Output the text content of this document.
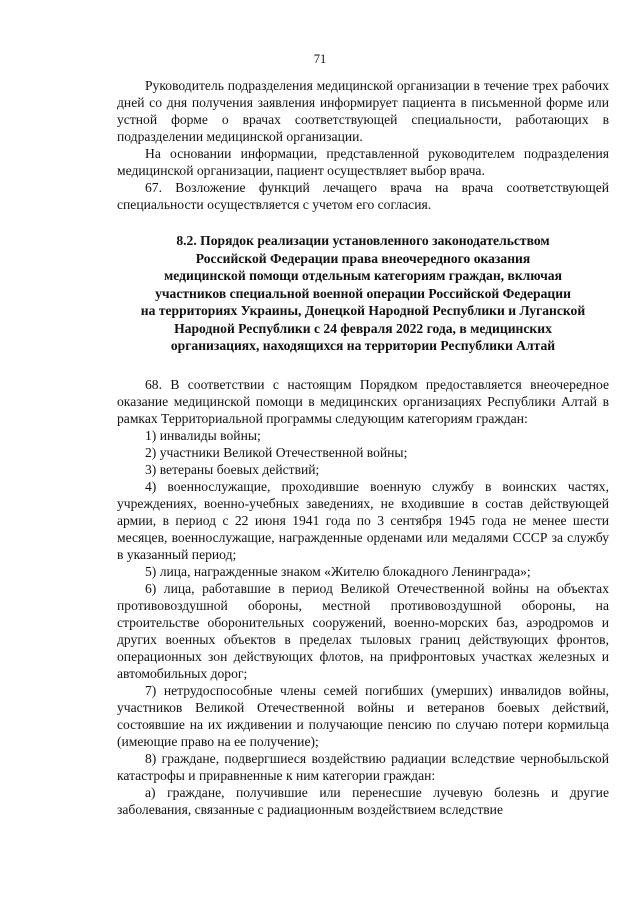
71

Руководитель подразделения медицинской организации в течение трех рабочих дней со дня получения заявления информирует пациента в письменной форме или устной форме о врачах соответствующей специальности, работающих в подразделении медицинской организации.

На основании информации, представленной руководителем подразделения медицинской организации, пациент осуществляет выбор врача.

67. Возложение функций лечащего врача на врача соответствующей специальности осуществляется с учетом его согласия.

8.2. Порядок реализации установленного законодательством
Российской Федерации права внеочередного оказания
медицинской помощи отдельным категориям граждан, включая
участников специальной военной операции Российской Федерации
на территориях Украины, Донецкой Народной Республики и Луганской
Народной Республики с 24 февраля 2022 года, в медицинских
организациях, находящихся на территории Республики Алтай

68. В соответствии с настоящим Порядком предоставляется внеочередное оказание медицинской помощи в медицинских организациях Республики Алтай в рамках Территориальной программы следующим категориям граждан:

1) инвалиды войны;

2) участники Великой Отечественной войны;

3) ветераны боевых действий;

4) военнослужащие, проходившие военную службу в воинских частях, учреждениях, военно-учебных заведениях, не входившие в состав действующей армии, в период с 22 июня 1941 года по 3 сентября 1945 года не менее шести месяцев, военнослужащие, награжденные орденами или медалями СССР за службу в указанный период;

5) лица, награжденные знаком «Жителю блокадного Ленинграда»;

6) лица, работавшие в период Великой Отечественной войны на объектах противовоздушной обороны, местной противовоздушной обороны, на строительстве оборонительных сооружений, военно-морских баз, аэродромов и других военных объектов в пределах тыловых границ действующих фронтов, операционных зон действующих флотов, на прифронтовых участках железных и автомобильных дорог;

7) нетрудоспособные члены семей погибших (умерших) инвалидов войны, участников Великой Отечественной войны и ветеранов боевых действий, состоявшие на их иждивении и получающие пенсию по случаю потери кормильца (имеющие право на ее получение);

8) граждане, подвергшиеся воздействию радиации вследствие чернобыльской катастрофы и приравненные к ним категории граждан:

а) граждане, получившие или перенесшие лучевую болезнь и другие заболевания, связанные с радиационным воздействием вследствие
